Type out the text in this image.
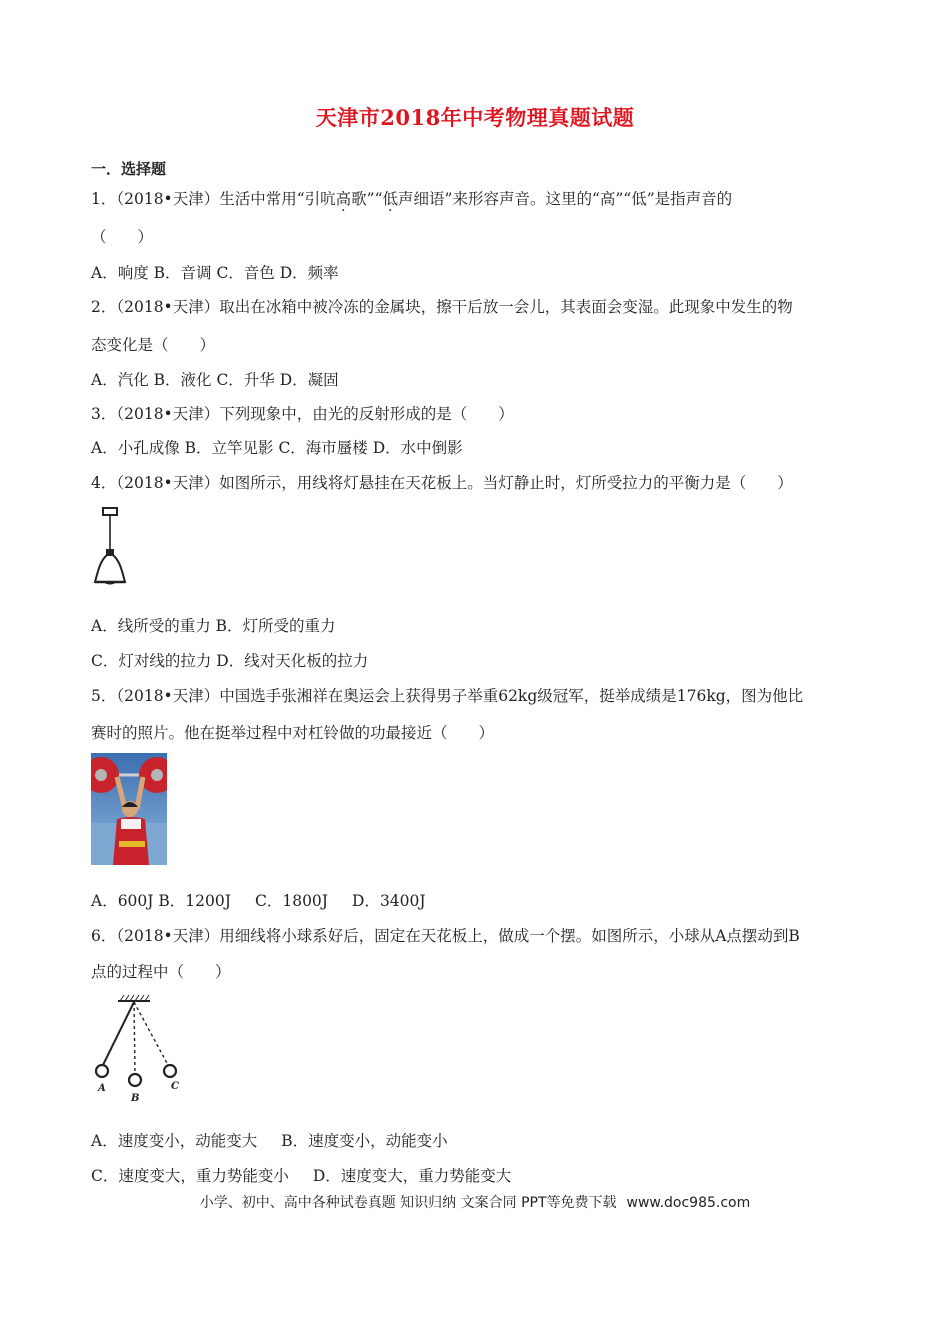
天津市2018年中考物理真题试题
一．选择题
1．（2018•天津）生活中常用“引吭高歌”“低声细语”来形容声音。这里的“高”“低”是指声音的
（　　）
A．响度 B．音调 C．音色 D．频率
2．（2018•天津）取出在冰箱中被冷冻的金属块，擦干后放一会儿，其表面会变湿。此现象中发生的物
态变化是（　　）
A．汽化 B．液化 C．升华 D．凝固
3．（2018•天津）下列现象中，由光的反射形成的是（　　）
A．小孔成像 B．立竿见影 C．海市蜃楼 D．水中倒影
4．（2018•天津）如图所示，用线将灯悬挂在天花板上。当灯静止时，灯所受拉力的平衡力是（　　）
A．线所受的重力 B．灯所受的重力
C．灯对线的拉力 D．线对天化板的拉力
5．（2018•天津）中国选手张湘祥在奥运会上获得男子举重62kg级冠军，挺举成绩是176kg，图为他比
赛时的照片。他在挺举过程中对杠铃做的功最接近（　　）
A．600J B．1200J C．1800J D．3400J
6．（2018•天津）用细线将小球系好后，固定在天花板上，做成一个摆。如图所示，小球从A点摆动到B
点的过程中（　　）
A
B
C
A．速度变小，动能变大 B．速度变小，动能变小
C．速度变大，重力势能变小 D．速度变大，重力势能变大
小学、初中、高中各种试卷真题 知识归纳 文案合同 PPT等免费下载 www.doc985.com
